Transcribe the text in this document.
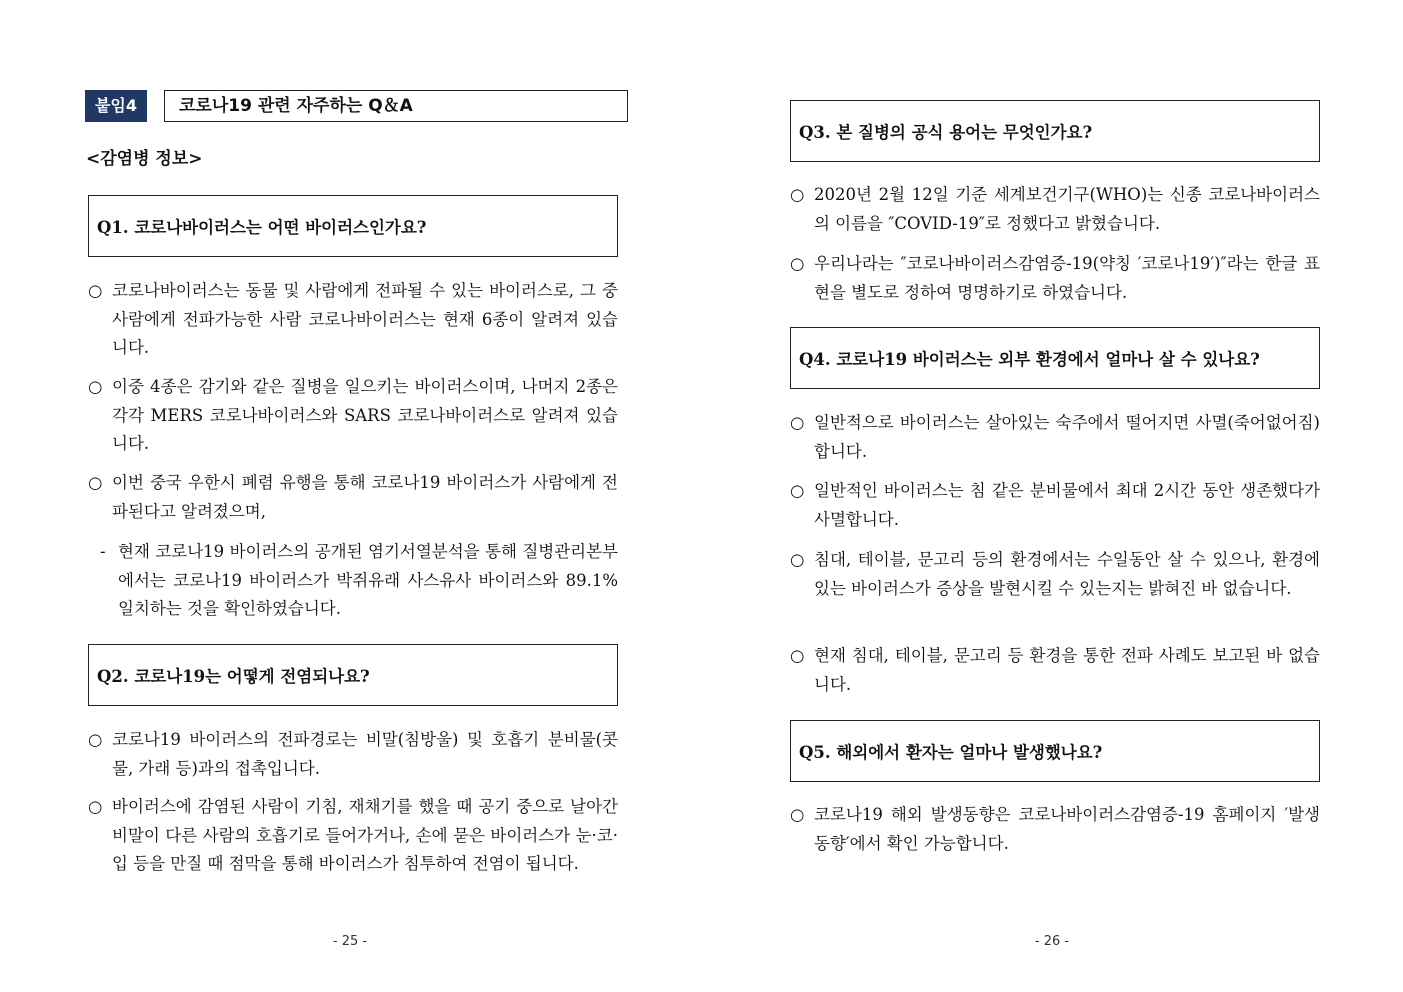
붙임4	코로나19 관련 자주하는 Q＆A
<감염병 정보>
Q1. 코로나바이러스는 어떤 바이러스인가요?
○ 코로나바이러스는 동물 및 사람에게 전파될 수 있는 바이러스로, 그 중 사람에게 전파가능한 사람 코로나바이러스는 현재 6종이 알려져 있습니다.
○ 이중 4종은 감기와 같은 질병을 일으키는 바이러스이며, 나머지 2종은 각각 MERS 코로나바이러스와 SARS 코로나바이러스로 알려져 있습니다.
○ 이번 중국 우한시 폐렴 유행을 통해 코로나19 바이러스가 사람에게 전파된다고 알려졌으며,
- 현재 코로나19 바이러스의 공개된 염기서열분석을 통해 질병관리본부에서는 코로나19 바이러스가 박쥐유래 사스유사 바이러스와 89.1% 일치하는 것을 확인하였습니다.
Q2. 코로나19는 어떻게 전염되나요?
○ 코로나19 바이러스의 전파경로는 비말(침방울) 및 호흡기 분비물(콧물, 가래 등)과의 접촉입니다.
○ 바이러스에 감염된 사람이 기침, 재채기를 했을 때 공기 중으로 날아간 비말이 다른 사람의 호흡기로 들어가거나, 손에 묻은 바이러스가 눈·코·입 등을 만질 때 점막을 통해 바이러스가 침투하여 전염이 됩니다.
- 25 -
Q3. 본 질병의 공식 용어는 무엇인가요?
○ 2020년 2월 12일 기준 세계보건기구(WHO)는 신종 코로나바이러스의 이름을 ″COVID-19″로 정했다고 밝혔습니다.
○ 우리나라는 ″코로나바이러스감염증-19(약칭 ′코로나19′)″라는 한글 표현을 별도로 정하여 명명하기로 하였습니다.
Q4. 코로나19 바이러스는 외부 환경에서 얼마나 살 수 있나요?
○ 일반적으로 바이러스는 살아있는 숙주에서 떨어지면 사멸(죽어없어짐)합니다.
○ 일반적인 바이러스는 침 같은 분비물에서 최대 2시간 동안 생존했다가 사멸합니다.
○ 침대, 테이블, 문고리 등의 환경에서는 수일동안 살 수 있으나, 환경에 있는 바이러스가 증상을 발현시킬 수 있는지는 밝혀진 바 없습니다.
○ 현재 침대, 테이블, 문고리 등 환경을 통한 전파 사례도 보고된 바 없습니다.
Q5. 해외에서 환자는 얼마나 발생했나요?
○ 코로나19 해외 발생동향은 코로나바이러스감염증-19 홈페이지 ′발생동향′에서 확인 가능합니다.
- 26 -
